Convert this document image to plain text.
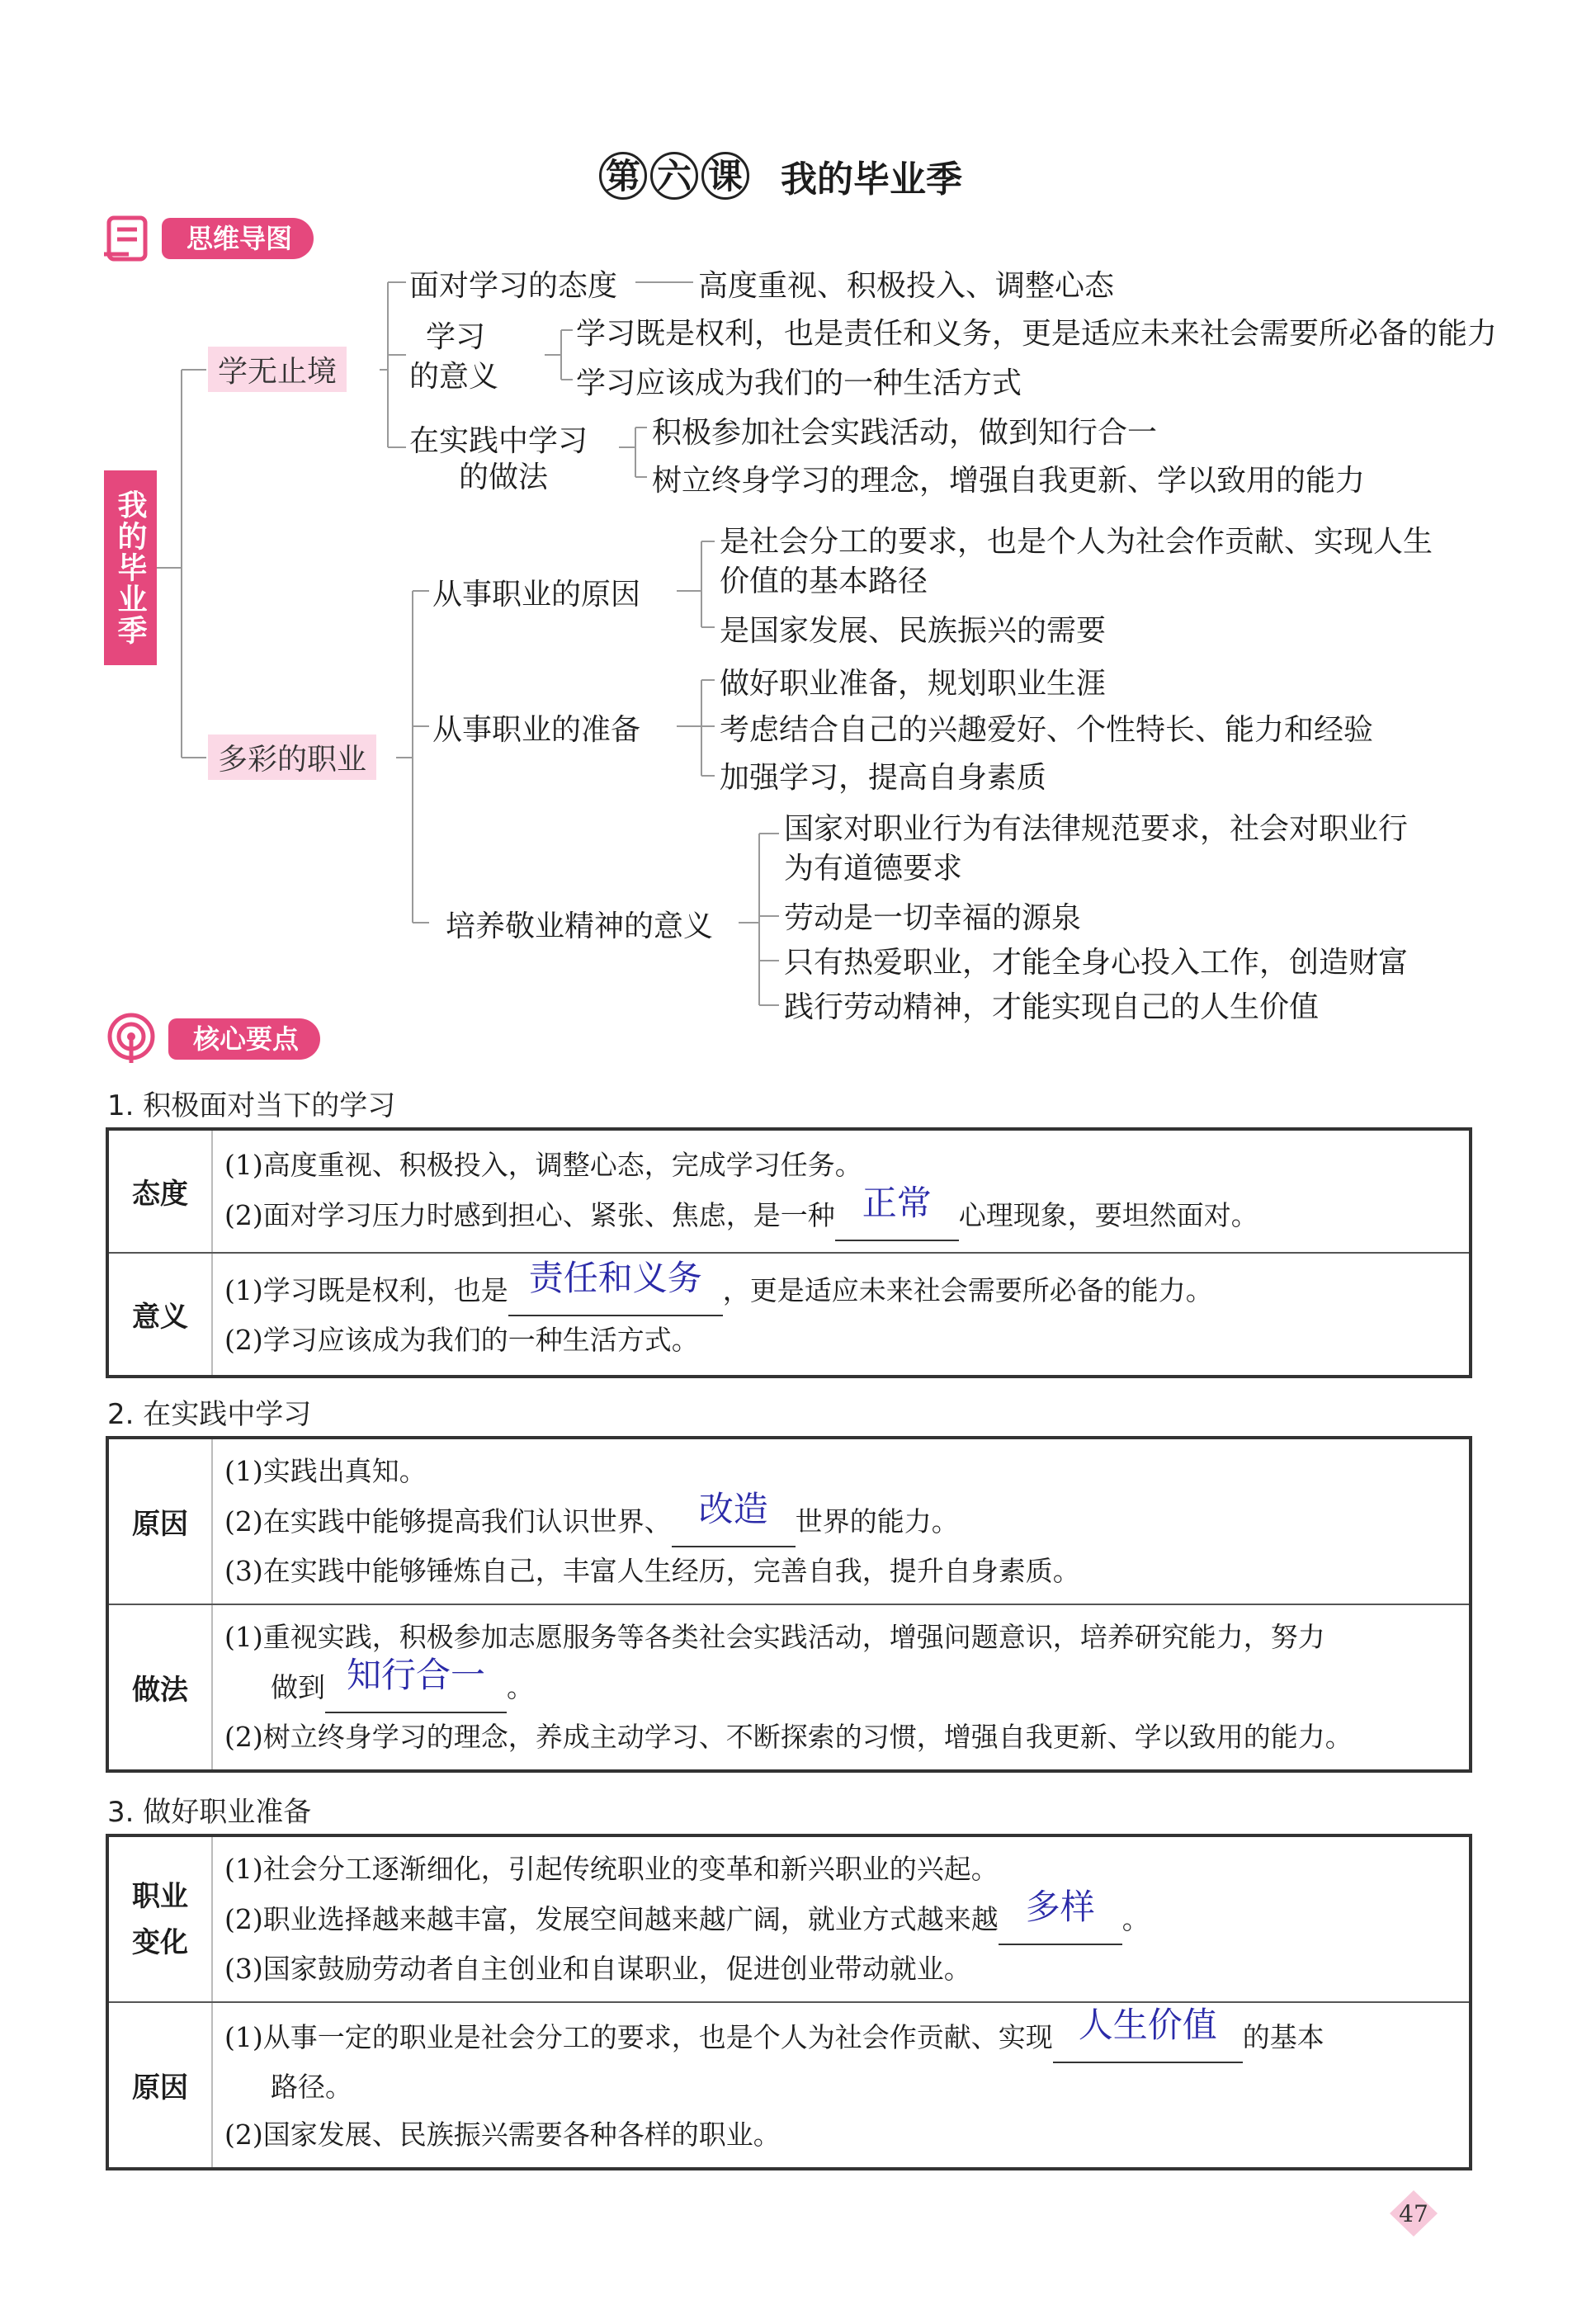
第 六 课 我的毕业季
思维导图
我的毕业季
学无止境
面对学习的态度	高度重视、积极投入、调整心态
学习
的意义
学习既是权利，也是责任和义务，更是适应未来社会需要所必备的能力
学习应该成为我们的一种生活方式
在实践中学习
的做法
积极参加社会实践活动，做到知行合一
树立终身学习的理念，增强自我更新、学以致用的能力
多彩的职业
从事职业的原因
是社会分工的要求，也是个人为社会作贡献、实现人生
价值的基本路径
是国家发展、民族振兴的需要
从事职业的准备
做好职业准备，规划职业生涯
考虑结合自己的兴趣爱好、个性特长、能力和经验
加强学习，提高自身素质
培养敬业精神的意义
国家对职业行为有法律规范要求，社会对职业行
为有道德要求
劳动是一切幸福的源泉
只有热爱职业，才能全身心投入工作，创造财富
践行劳动精神，才能实现自己的人生价值
核心要点
1. 积极面对当下的学习
态度	(1)高度重视、积极投入，调整心态，完成学习任务。
(2)面对学习压力时感到担心、紧张、焦虑，是一种 正常 心理现象，要坦然面对。

意义	(1)学习既是权利，也是 责任和义务 ，更是适应未来社会需要所必备的能力。
(2)学习应该成为我们的一种生活方式。
2. 在实践中学习
原因	(1)实践出真知。
(2)在实践中能够提高我们认识世界、 改造 世界的能力。
(3)在实践中能够锤炼自己，丰富人生经历，完善自我，提升自身素质。

做法	(1)重视实践，积极参加志愿服务等各类社会实践活动，增强问题意识，培养研究能力，努力
做到 知行合一 。
(2)树立终身学习的理念，养成主动学习、不断探索的习惯，增强自我更新、学以致用的能力。
3. 做好职业准备
职业
变化	(1)社会分工逐渐细化，引起传统职业的变革和新兴职业的兴起。
(2)职业选择越来越丰富，发展空间越来越广阔，就业方式越来越 多样 。
(3)国家鼓励劳动者自主创业和自谋职业，促进创业带动就业。

原因	(1)从事一定的职业是社会分工的要求，也是个人为社会作贡献、实现 人生价值 的基本
路径。
(2)国家发展、民族振兴需要各种各样的职业。
47
